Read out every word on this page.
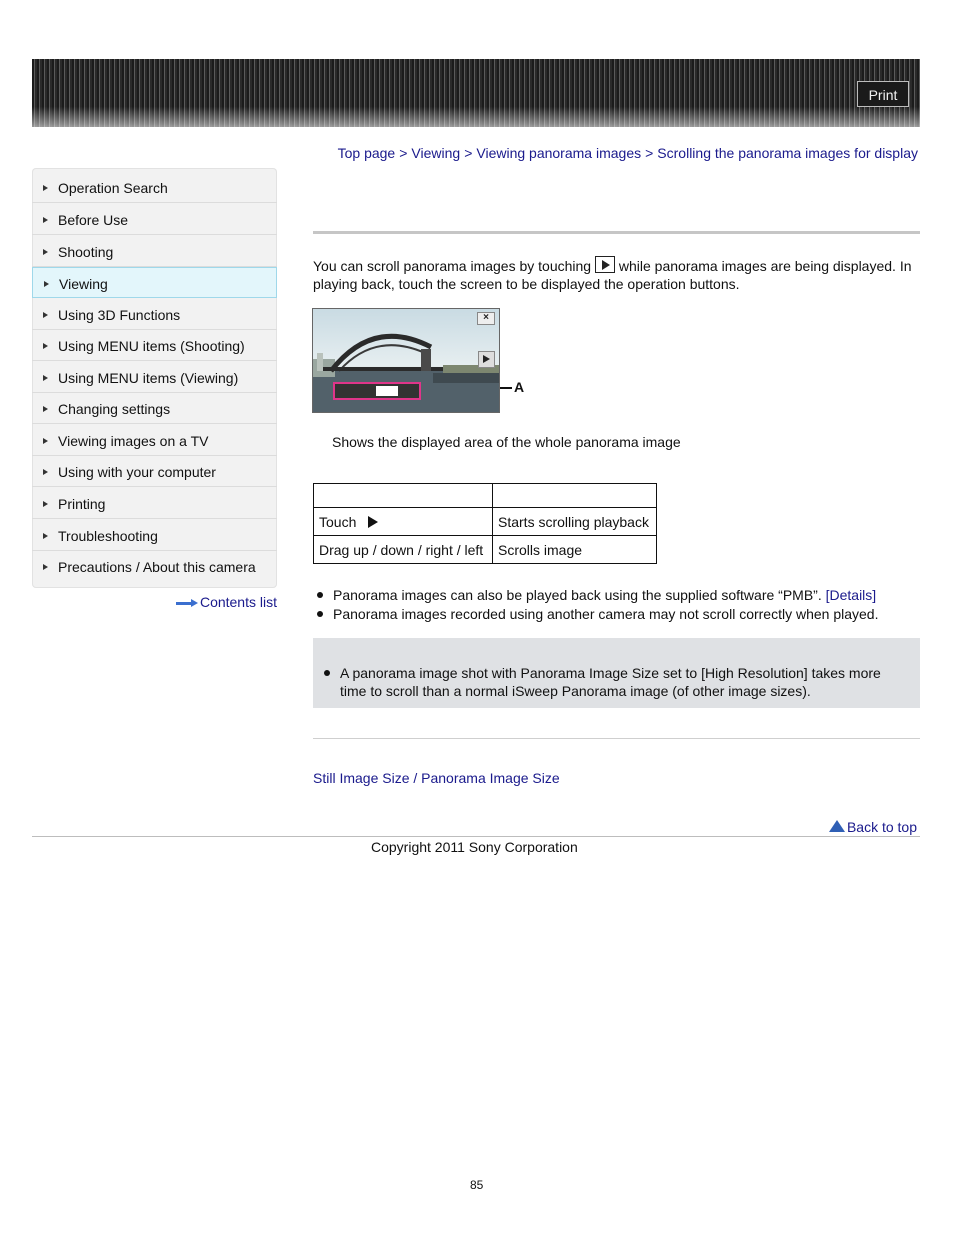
Print
Top page > Viewing > Viewing panorama images > Scrolling the panorama images for display
Operation Search
Before Use
Shooting
Viewing
Using 3D Functions
Using MENU items (Shooting)
Using MENU items (Viewing)
Changing settings
Viewing images on a TV
Using with your computer
Printing
Troubleshooting
Precautions / About this camera
Contents list
You can scroll panorama images by touching while panorama images are being displayed. In playing back, touch the screen to be displayed the operation buttons.
×
A
Shows the displayed area of the whole panorama image

Touch	Starts scrolling playback
Drag up / down / right / left	Scrolls image
Panorama images can also be played back using the supplied software “PMB”. [Details]
Panorama images recorded using another camera may not scroll correctly when played.
A panorama image shot with Panorama Image Size set to [High Resolution] takes more time to scroll than a normal iSweep Panorama image (of other image sizes).
Still Image Size / Panorama Image Size
Back to top
Copyright 2011 Sony Corporation
85
